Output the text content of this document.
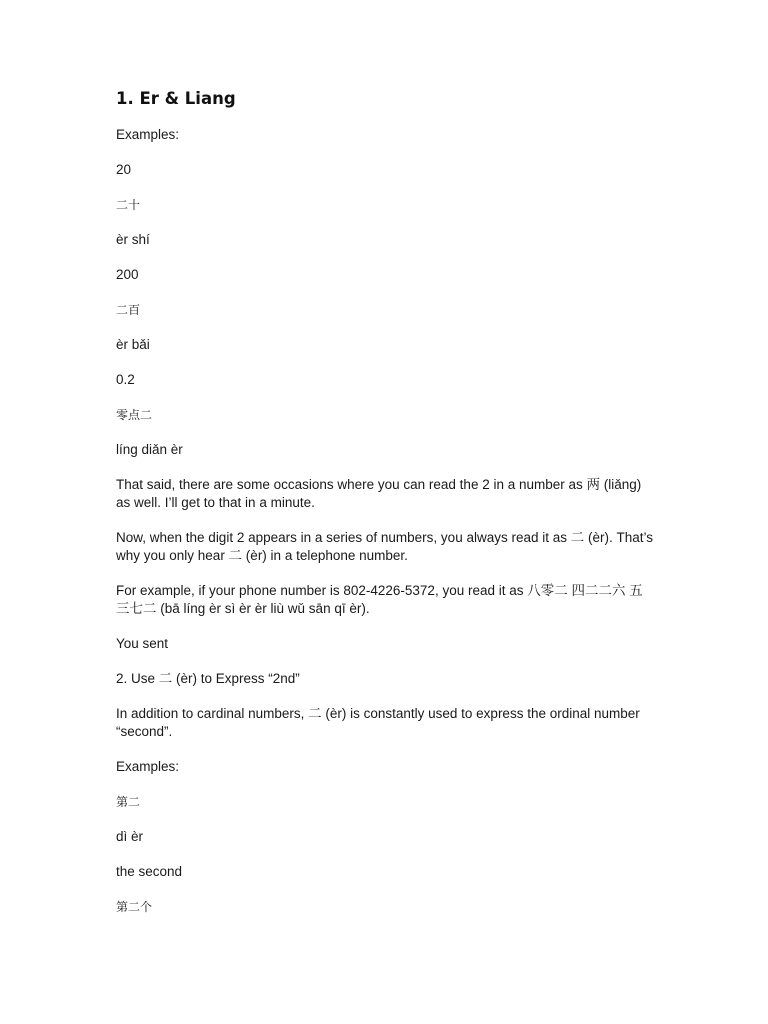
1. Er & Liang
Examples:
20
二十
èr shí
200
二百
èr bǎi
0.2
零点二
líng diǎn èr
That said, there are some occasions where you can read the 2 in a number as 两 (liǎng) as well. I’ll get to that in a minute.
Now, when the digit 2 appears in a series of numbers, you always read it as 二 (èr). That’s why you only hear 二 (èr) in a telephone number.
For example, if your phone number is 802-4226-5372, you read it as 八零二 四二二六 五三七二 (bā líng èr sì èr èr liù wǔ sān qī èr).
You sent
2. Use 二 (èr) to Express “2nd”
In addition to cardinal numbers, 二 (èr) is constantly used to express the ordinal number “second”.
Examples:
第二
dì èr
the second
第二个
